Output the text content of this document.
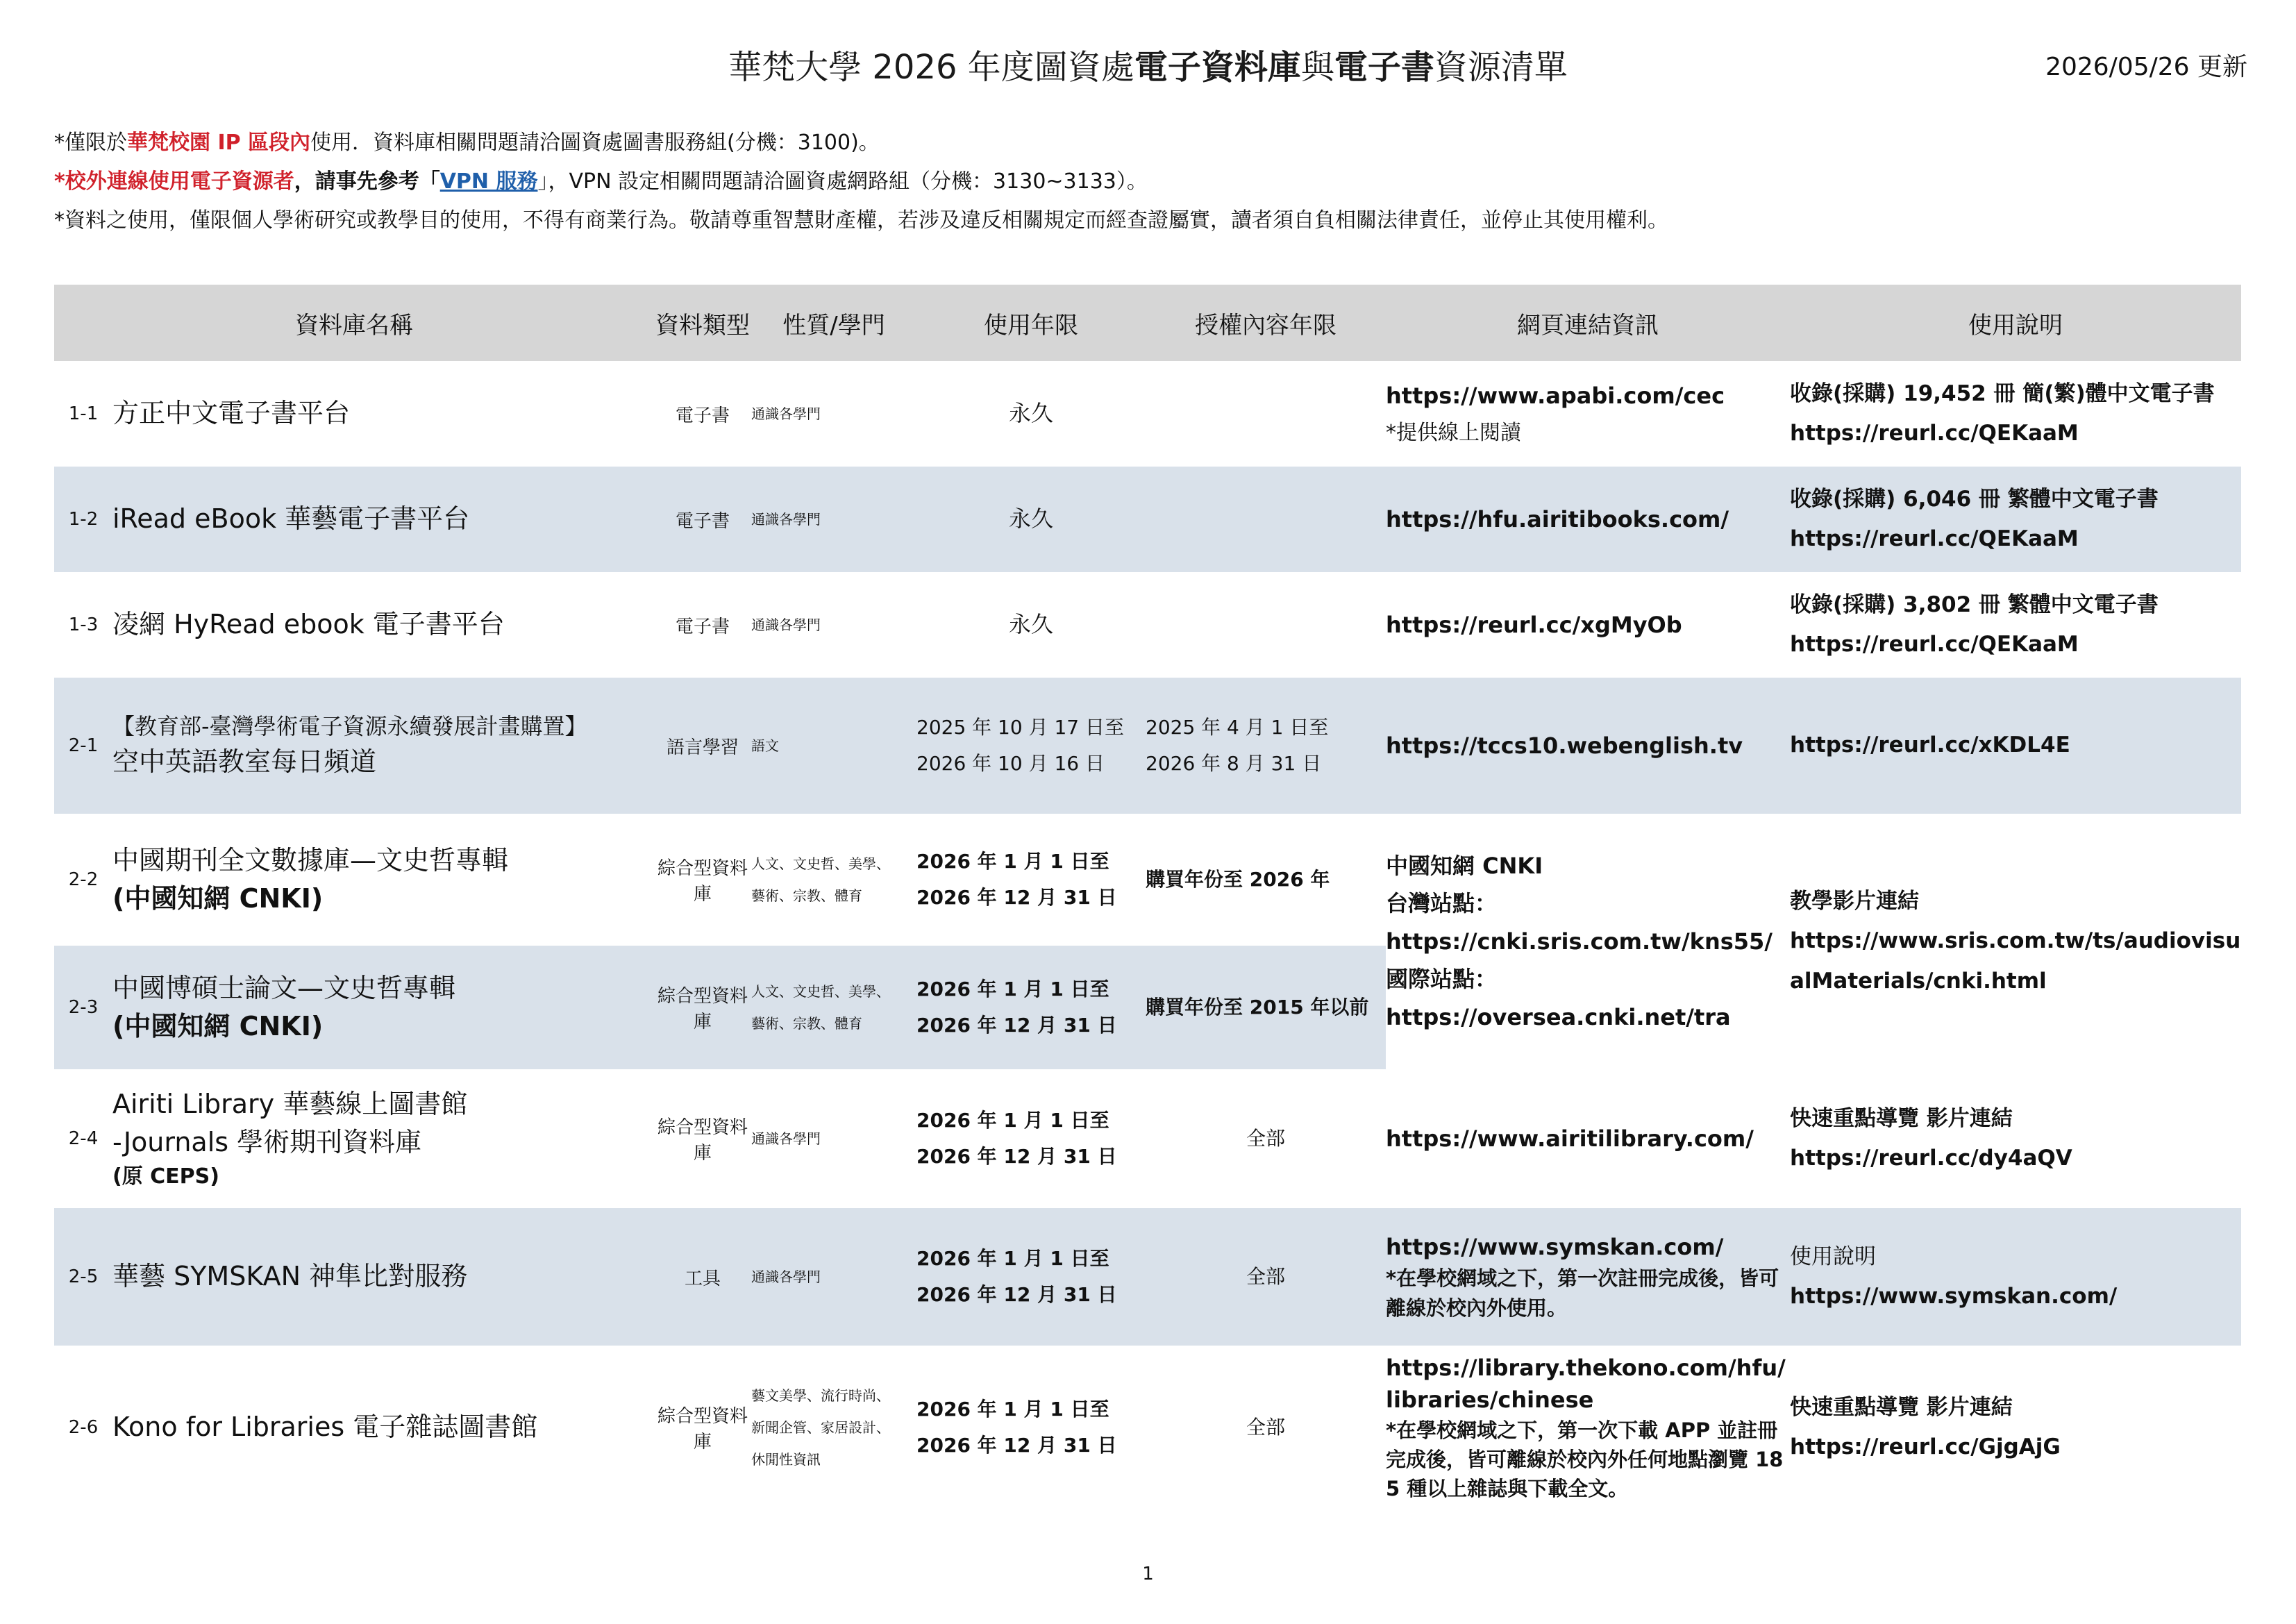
華梵大學 2026 年度圖資處電子資料庫與電子書資源清單	2026/05/26 更新
*僅限於華梵校園 IP 區段內使用．資料庫相關問題請洽圖資處圖書服務組(分機：3100)。
*校外連線使用電子資源者，請事先參考「VPN 服務」，VPN 設定相關問題請洽圖資處網路組（分機：3130~3133）。
*資料之使用，僅限個人學術研究或教學目的使用，不得有商業行為。敬請尊重智慧財產權，若涉及違反相關規定而經查證屬實，讀者須自負相關法律責任，並停止其使用權利。
資料庫名稱		資料類型	性質/學門	使用年限	授權內容年限	網頁連結資訊	使用說明
1-1	方正中文電子書平台	電子書	通識各學門	永久		https://www.apabi.com/cec
*提供線上閱讀	收錄(採購) 19,452 冊 簡(繁)體中文電子書
https://reurl.cc/QEKaaM

1-2	iRead eBook 華藝電子書平台	電子書	通識各學門	永久		https://hfu.airitibooks.com/	收錄(採購) 6,046 冊 繁體中文電子書
https://reurl.cc/QEKaaM

1-3	凌網 HyRead ebook 電子書平台	電子書	通識各學門	永久		https://reurl.cc/xgMyOb	收錄(採購) 3,802 冊 繁體中文電子書
https://reurl.cc/QEKaaM

2-1	【教育部-臺灣學術電子資源永續發展計畫購置】
空中英語教室每日頻道	語言學習	語文	2025 年 10 月 17 日至
2026 年 10 月 16 日	2025 年 4 月 1 日至
2026 年 8 月 31 日	https://tccs10.webenglish.tv	https://reurl.cc/xKDL4E

2-2	中國期刊全文數據庫—文史哲專輯
(中國知網 CNKI)	綜合型資料庫	人文、文史哲、美學、
藝術、宗教、體育	2026 年 1 月 1 日至
2026 年 12 月 31 日	購買年份至 2026 年	中國知網 CNKI
台灣站點：
https://cnki.sris.com.tw/kns55/
國際站點：
https://oversea.cnki.net/tra	教學影片連結
https://www.sris.com.tw/ts/audiovisualMaterials/cnki.html

2-3	中國博碩士論文—文史哲專輯
(中國知網 CNKI)	綜合型資料庫	人文、文史哲、美學、
藝術、宗教、體育	2026 年 1 月 1 日至
2026 年 12 月 31 日	購買年份至 2015 年以前		
2-4	Airiti Library 華藝線上圖書館
-Journals 學術期刊資料庫
(原 CEPS)	綜合型資料庫	通識各學門	2026 年 1 月 1 日至
2026 年 12 月 31 日	全部	https://www.airitilibrary.com/	快速重點導覽 影片連結
https://reurl.cc/dy4aQV

2-5	華藝 SYMSKAN 神隼比對服務	工具	通識各學門	2026 年 1 月 1 日至
2026 年 12 月 31 日	全部	https://www.symskan.com/
*在學校網域之下，第一次註冊完成後，皆可離線於校內外使用。	使用說明
https://www.symskan.com/

2-6	Kono for Libraries 電子雜誌圖書館	綜合型資料庫	藝文美學、流行時尚、
新聞企管、家居設計、
休閒性資訊	2026 年 1 月 1 日至
2026 年 12 月 31 日	全部	https://library.thekono.com/hfu/libraries/chinese
*在學校網域之下，第一次下載 APP 並註冊完成後，皆可離線於校內外任何地點瀏覽 185 種以上雜誌與下載全文。	快速重點導覽 影片連結
https://reurl.cc/GjgAjG
1
